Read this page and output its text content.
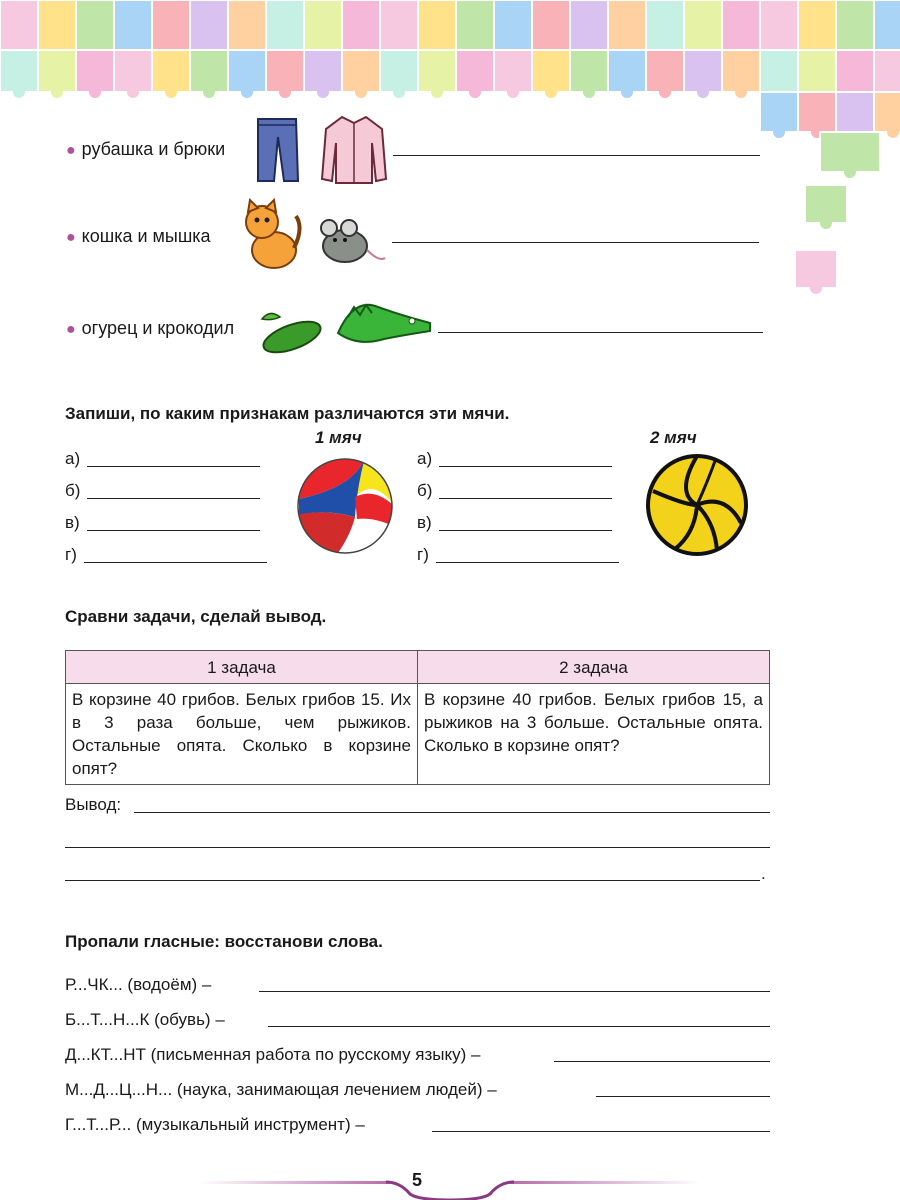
● рубашка и брюки
● кошка и мышка
● огурец и крокодил
Запиши, по каким признакам различаются эти мячи.
1 мяч	2 мяч
а)
б)
в)
г)
а)
б)
в)
г)
Сравни задачи, сделай вывод.
1 задача	2 задача
В корзине 40 грибов. Белых грибов 15. Их в 3 раза больше, чем рыжиков. Остальные опята. Сколько в корзине опят?	В корзине 40 грибов. Белых грибов 15, а рыжиков на 3 больше. Остальные опята. Сколько в корзине опят?
Вывод:
.
Пропали гласные: восстанови слова.
Р...ЧК... (водоём) –
Б...Т...Н...К (обувь) –
Д...КТ...НТ (письменная работа по русскому языку) –
М...Д...Ц...Н... (наука, занимающая лечением людей) –
Г...Т...Р... (музыкальный инструмент) –
5
